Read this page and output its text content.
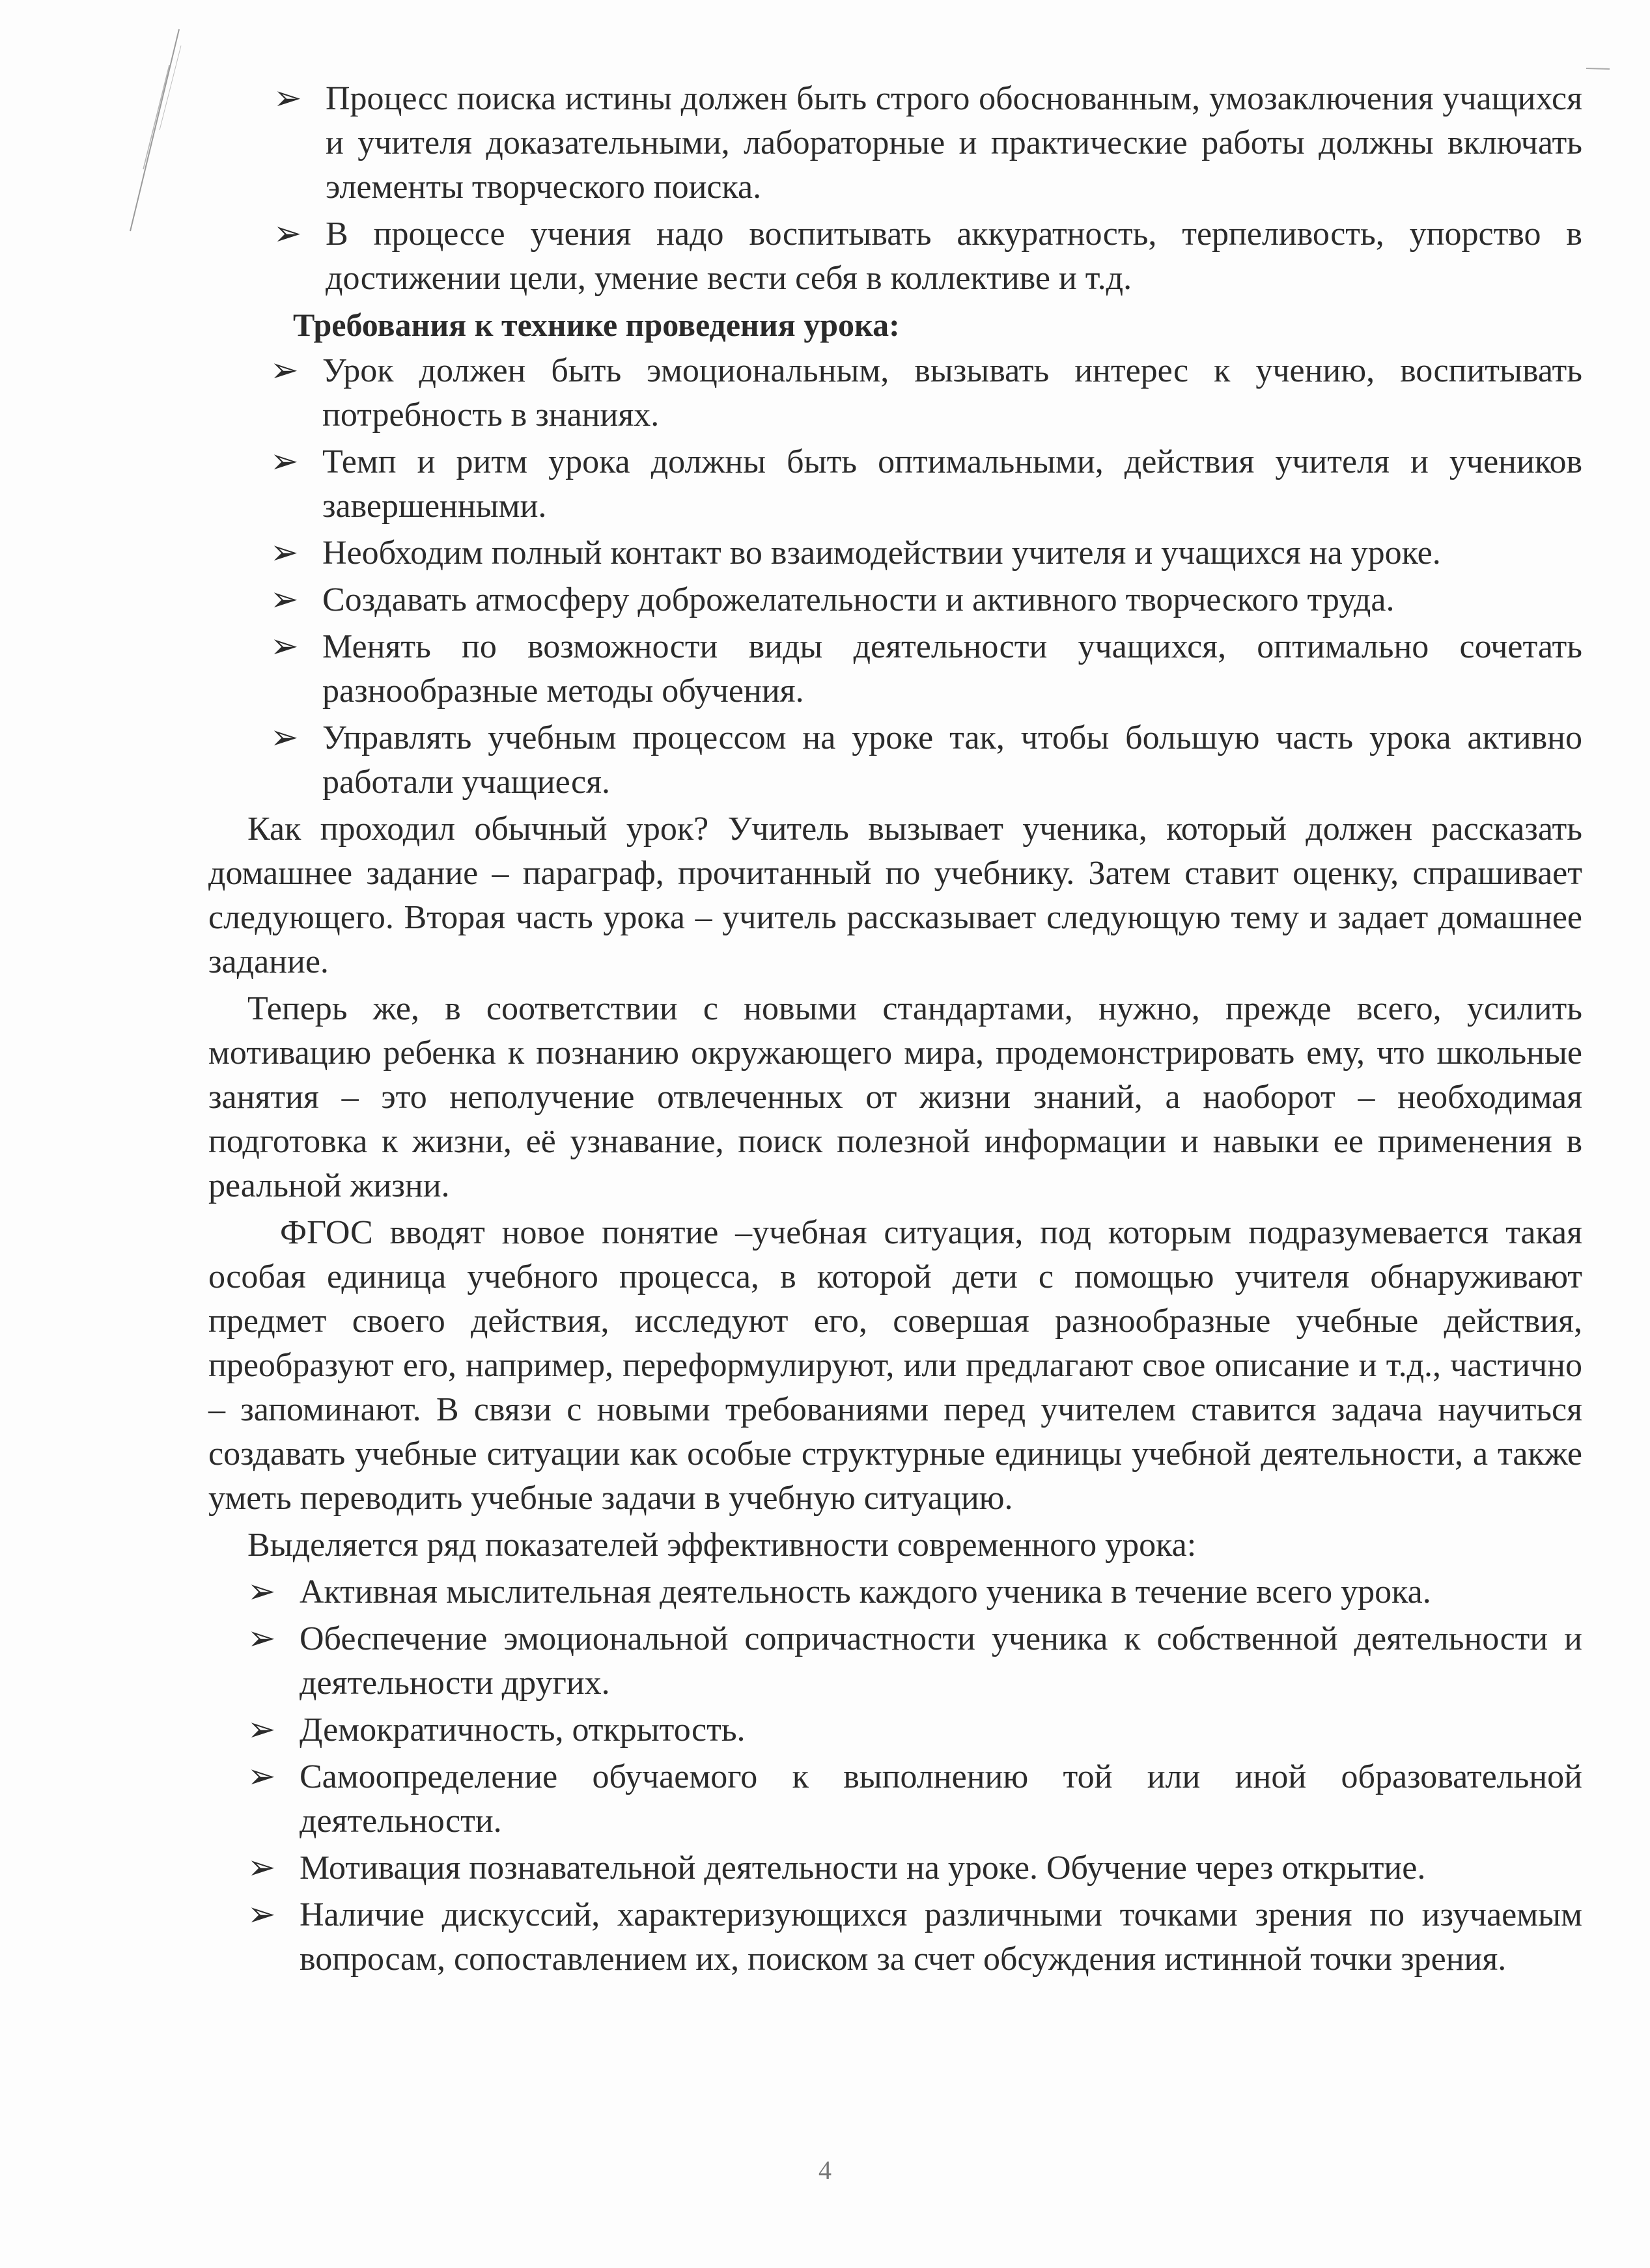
➢ Процесс поиска истины должен быть строго обоснованным, умозаключения учащихся и учителя доказательными, лабораторные и практические работы должны включать элементы творческого поиска.
➢ В процессе учения надо воспитывать аккуратность, терпеливость, упорство в достижении цели, умение вести себя в коллективе и т.д.
Требования к технике проведения урока:
➢ Урок должен быть эмоциональным, вызывать интерес к учению, воспитывать потребность в знаниях.
➢ Темп и ритм урока должны быть оптимальными, действия учителя и учеников завершенными.
➢ Необходим полный контакт во взаимодействии учителя и учащихся на уроке.
➢ Создавать атмосферу доброжелательности и активного творческого труда.
➢ Менять по возможности виды деятельности учащихся, оптимально сочетать разнообразные методы обучения.
➢ Управлять учебным процессом на уроке так, чтобы большую часть урока активно работали учащиеся.

Как проходил обычный урок? Учитель вызывает ученика, который должен рассказать домашнее задание – параграф, прочитанный по учебнику. Затем ставит оценку, спрашивает следующего. Вторая часть урока – учитель рассказывает следующую тему и задает домашнее задание.

Теперь же, в соответствии с новыми стандартами, нужно, прежде всего, усилить мотивацию ребенка к познанию окружающего мира, продемонстрировать ему, что школьные занятия – это неполучение отвлеченных от жизни знаний, а наоборот – необходимая подготовка к жизни, её узнавание, поиск полезной информации и навыки ее применения в реальной жизни.

ФГОС вводят новое понятие –учебная ситуация, под которым подразумевается такая особая единица учебного процесса, в которой дети с помощью учителя обнаруживают предмет своего действия, исследуют его, совершая разнообразные учебные действия, преобразуют его, например, переформулируют, или предлагают свое описание и т.д., частично – запоминают. В связи с новыми требованиями перед учителем ставится задача научиться создавать учебные ситуации как особые структурные единицы учебной деятельности, а также уметь переводить учебные задачи в учебную ситуацию.

Выделяется ряд показателей эффективности современного урока:

➢ Активная мыслительная деятельность каждого ученика в течение всего урока.
➢ Обеспечение эмоциональной сопричастности ученика к собственной деятельности и деятельности других.
➢ Демократичность, открытость.
➢ Самоопределение обучаемого к выполнению той или иной образовательной деятельности.
➢ Мотивация познавательной деятельности на уроке. Обучение через открытие.
➢ Наличие дискуссий, характеризующихся различными точками зрения по изучаемым вопросам, сопоставлением их, поиском за счет обсуждения истинной точки зрения.
4
